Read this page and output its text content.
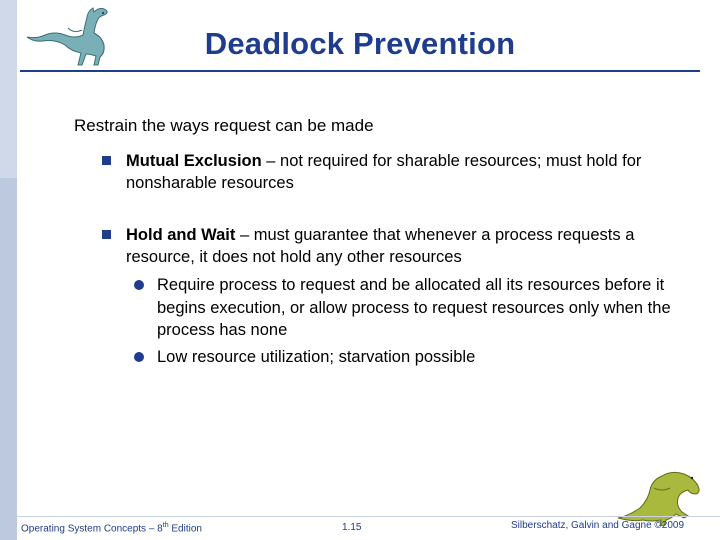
Deadlock Prevention
Restrain the ways request can be made
Mutual Exclusion – not required for sharable resources; must hold for nonsharable resources
Hold and Wait – must guarantee that whenever a process requests a resource, it does not hold any other resources
Require process to request and be allocated all its resources before it begins execution, or allow process to request resources only when the process has none
Low resource utilization; starvation possible
Operating System Concepts – 8th Edition	1.15	Silberschatz, Galvin and Gagne ©2009
